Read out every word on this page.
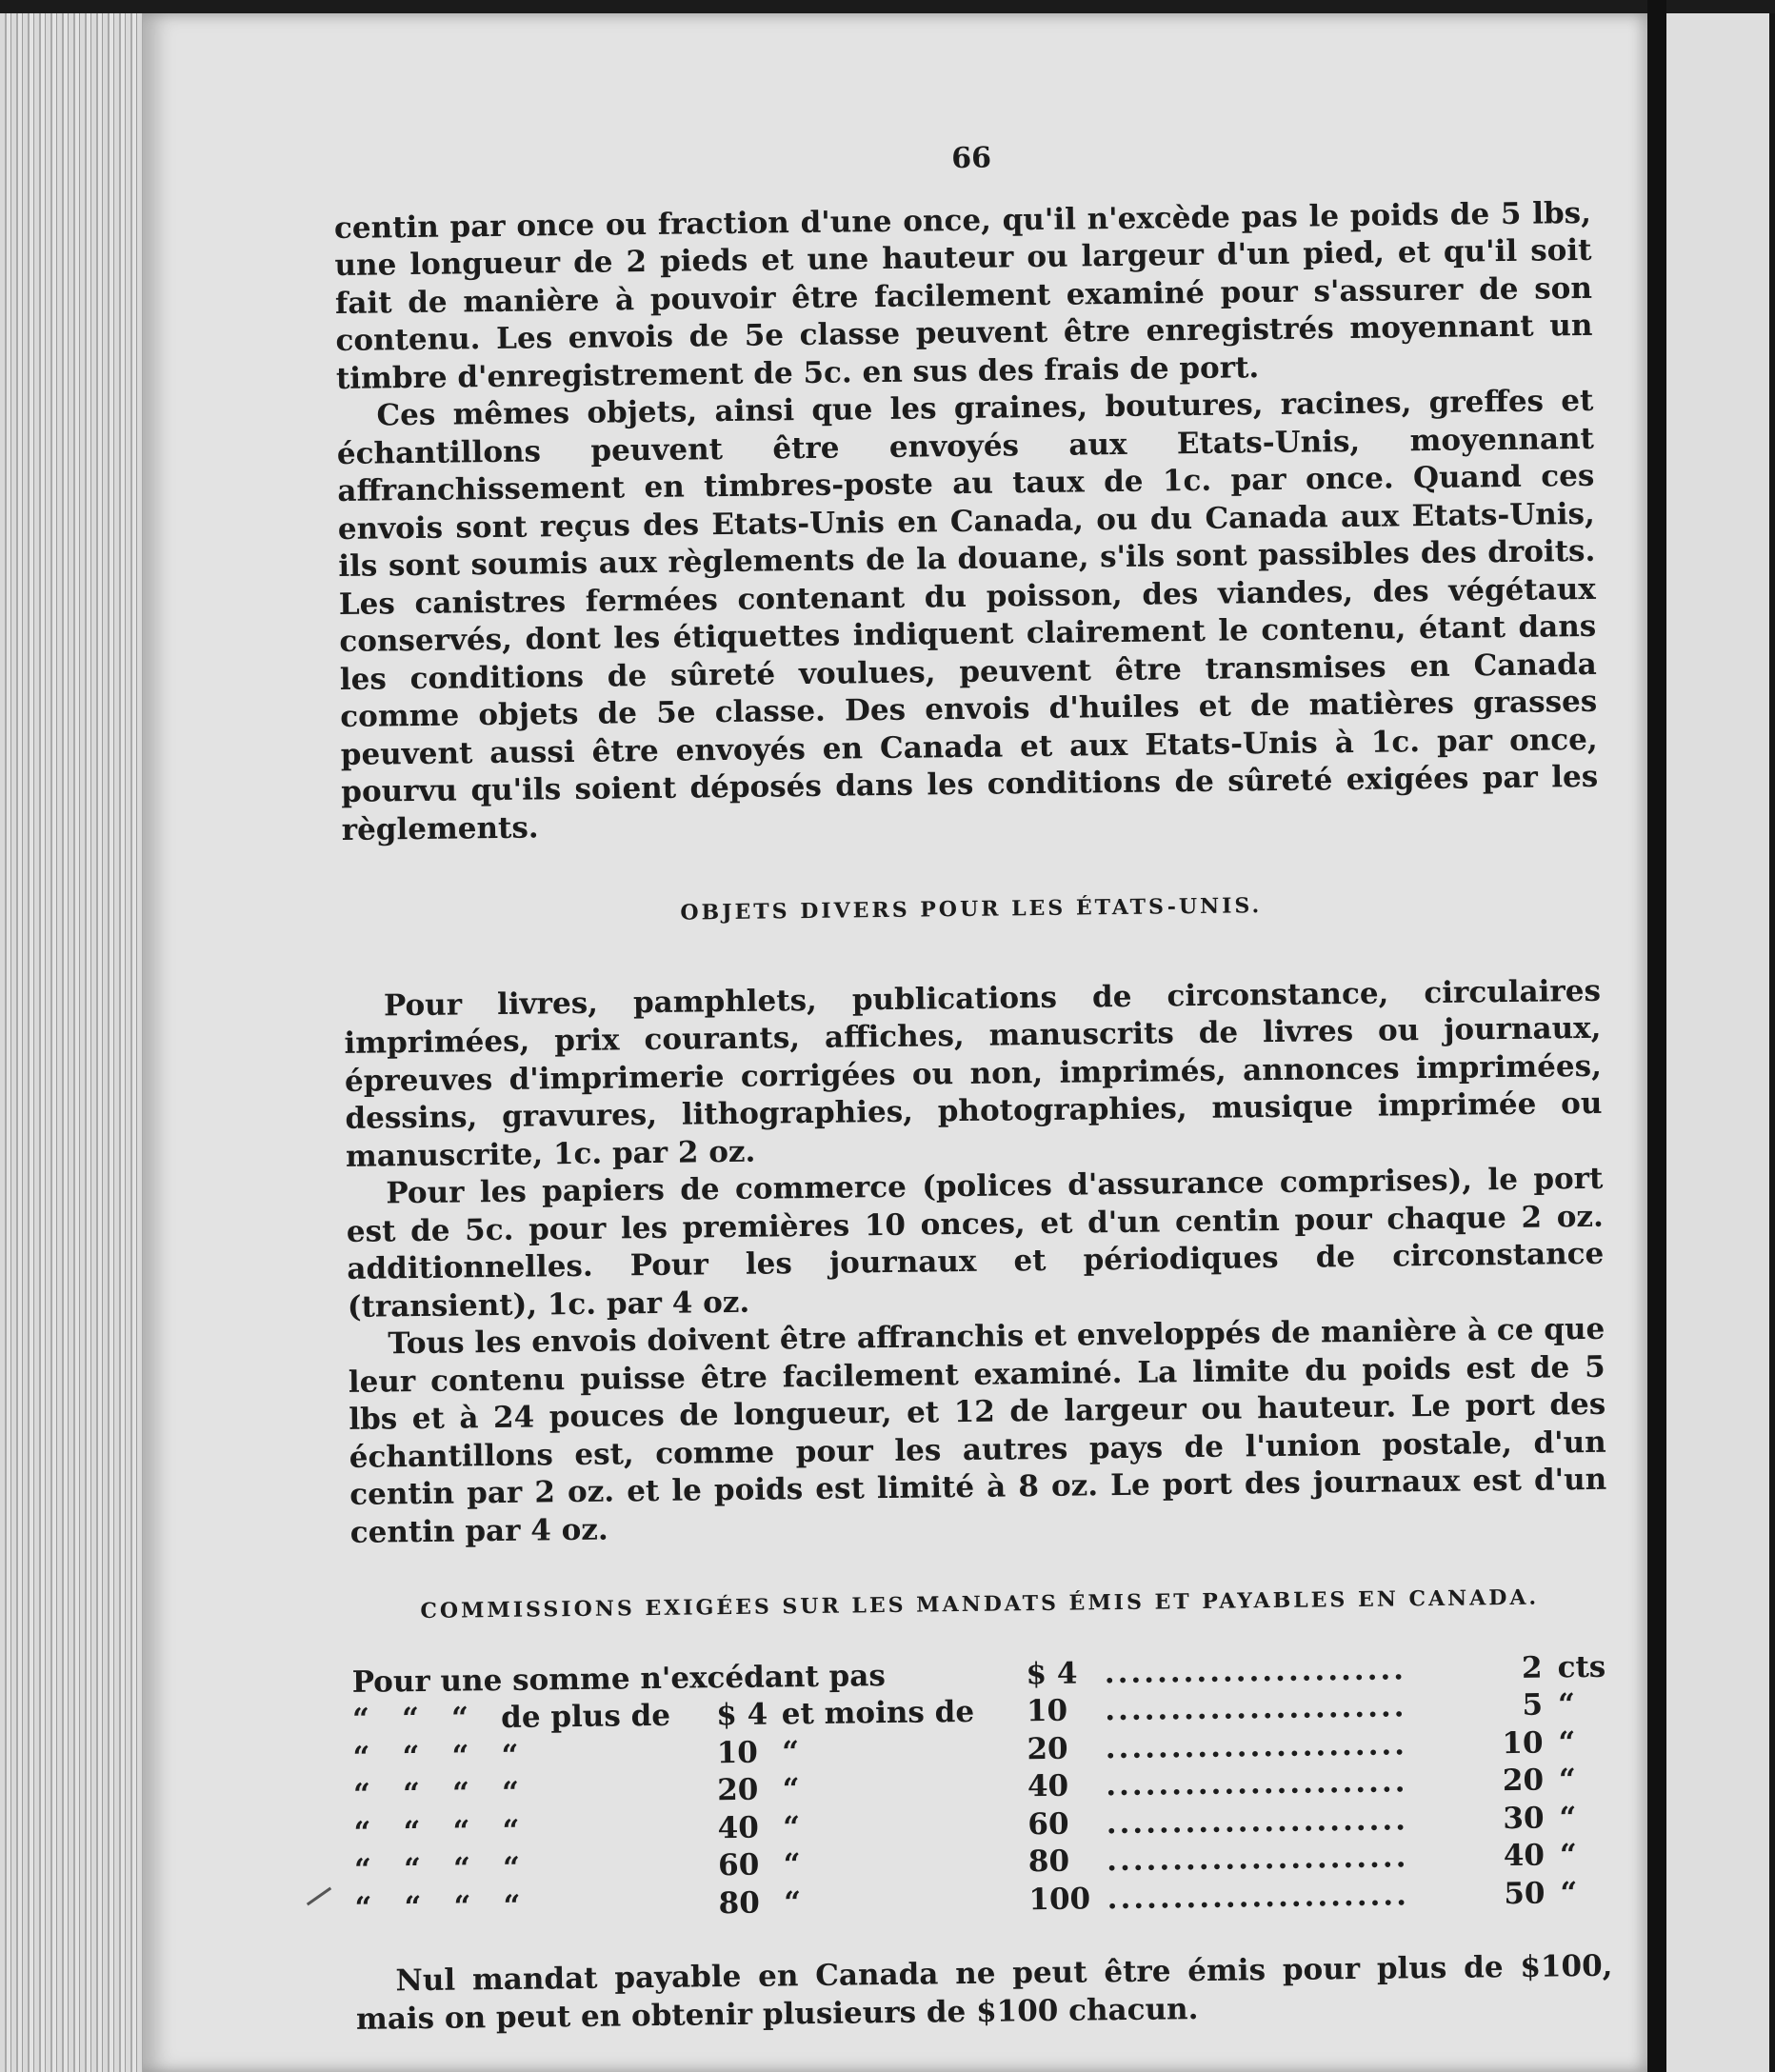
66

centin par once ou fraction d'une once, qu'il n'excède pas le poids de 5 lbs, une longueur de 2 pieds et une hauteur ou largeur d'un pied, et qu'il soit fait de manière à pouvoir être facilement examiné pour s'assurer de son contenu. Les envois de 5e classe peuvent être enregistrés moyennant un timbre d'enregistrement de 5c. en sus des frais de port.

Ces mêmes objets, ainsi que les graines, boutures, racines, greffes et échantillons peuvent être envoyés aux Etats-Unis, moyennant affranchissement en timbres-poste au taux de 1c. par once. Quand ces envois sont reçus des Etats-Unis en Canada, ou du Canada aux Etats-Unis, ils sont soumis aux règlements de la douane, s'ils sont passibles des droits. Les canistres fermées contenant du poisson, des viandes, des végétaux conservés, dont les étiquettes indiquent clairement le contenu, étant dans les conditions de sûreté voulues, peuvent être transmises en Canada comme objets de 5e classe. Des envois d'huiles et de matières grasses peuvent aussi être envoyés en Canada et aux Etats-Unis à 1c. par once, pourvu qu'ils soient déposés dans les conditions de sûreté exigées par les règlements.

OBJETS DIVERS POUR LES ÉTATS-UNIS.

Pour livres, pamphlets, publications de circonstance, circulaires imprimées, prix courants, affiches, manuscrits de livres ou journaux, épreuves d'imprimerie corrigées ou non, imprimés, annonces imprimées, dessins, gravures, lithographies, photographies, musique imprimée ou manuscrite, 1c. par 2 oz.

Pour les papiers de commerce (polices d'assurance comprises), le port est de 5c. pour les premières 10 onces, et d'un centin pour chaque 2 oz. additionnelles. Pour les journaux et périodiques de circonstance (transient), 1c. par 4 oz.

Tous les envois doivent être affranchis et enveloppés de manière à ce que leur contenu puisse être facilement examiné. La limite du poids est de 5 lbs et à 24 pouces de longueur, et 12 de largeur ou hauteur. Le port des échantillons est, comme pour les autres pays de l'union postale, d'un centin par 2 oz. et le poids est limité à 8 oz. Le port des journaux est d'un centin par 4 oz.

COMMISSIONS EXIGÉES SUR LES MANDATS ÉMIS ET PAYABLES EN CANADA.
Pour une somme n'excédant pas						$ 4	.......................	2	cts
“	“	“	de plus de	$ 4	et moins de	10	.......................	5	“
“	“	“	“	10	“	20	.......................	10	“
“	“	“	“	20	“	40	.......................	20	“
“	“	“	“	40	“	60	.......................	30	“
“	“	“	“	60	“	80	.......................	40	“
“	“	“	“	80	“	100	.......................	50	“

Nul mandat payable en Canada ne peut être émis pour plus de $100, mais on peut en obtenir plusieurs de $100 chacun.
